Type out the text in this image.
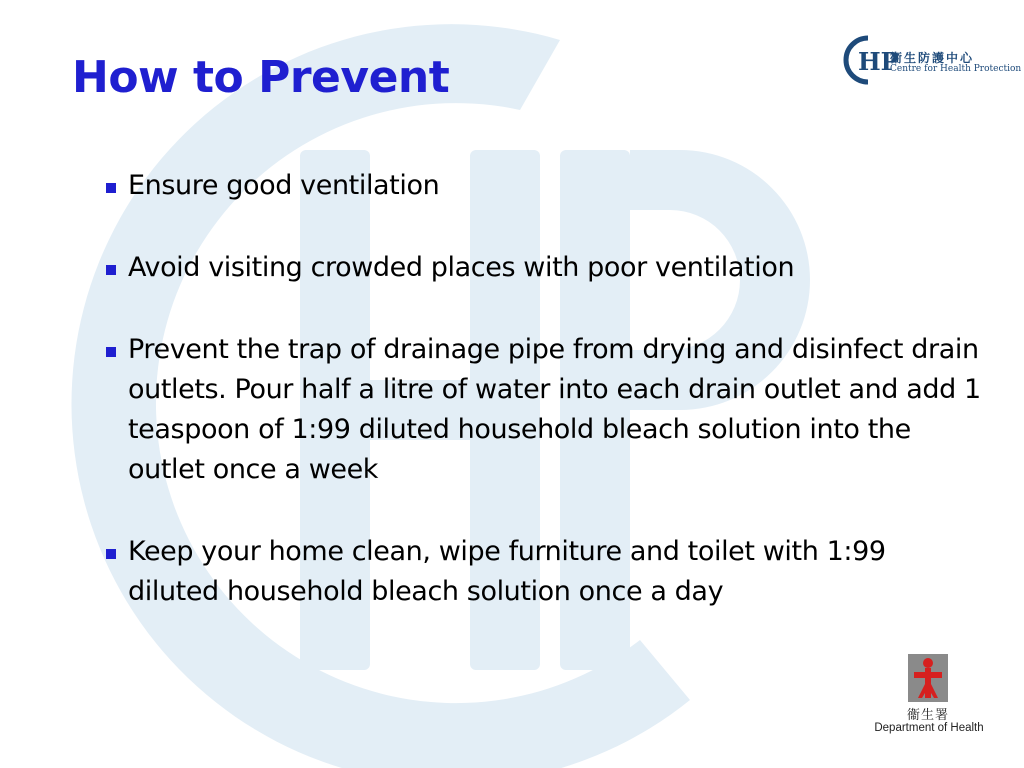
How to Prevent	HP
衞生防護中心
Centre for Health Protection
Ensure good ventilation
Avoid visiting crowded places with poor ventilation
Prevent the trap of drainage pipe from drying and disinfect drain outlets. Pour half a litre of water into each drain outlet and add 1 teaspoon of 1:99 diluted household bleach solution into the outlet once a week
Keep your home clean, wipe furniture and toilet with 1:99 diluted household bleach solution once a day
衞生署
Department of Health
